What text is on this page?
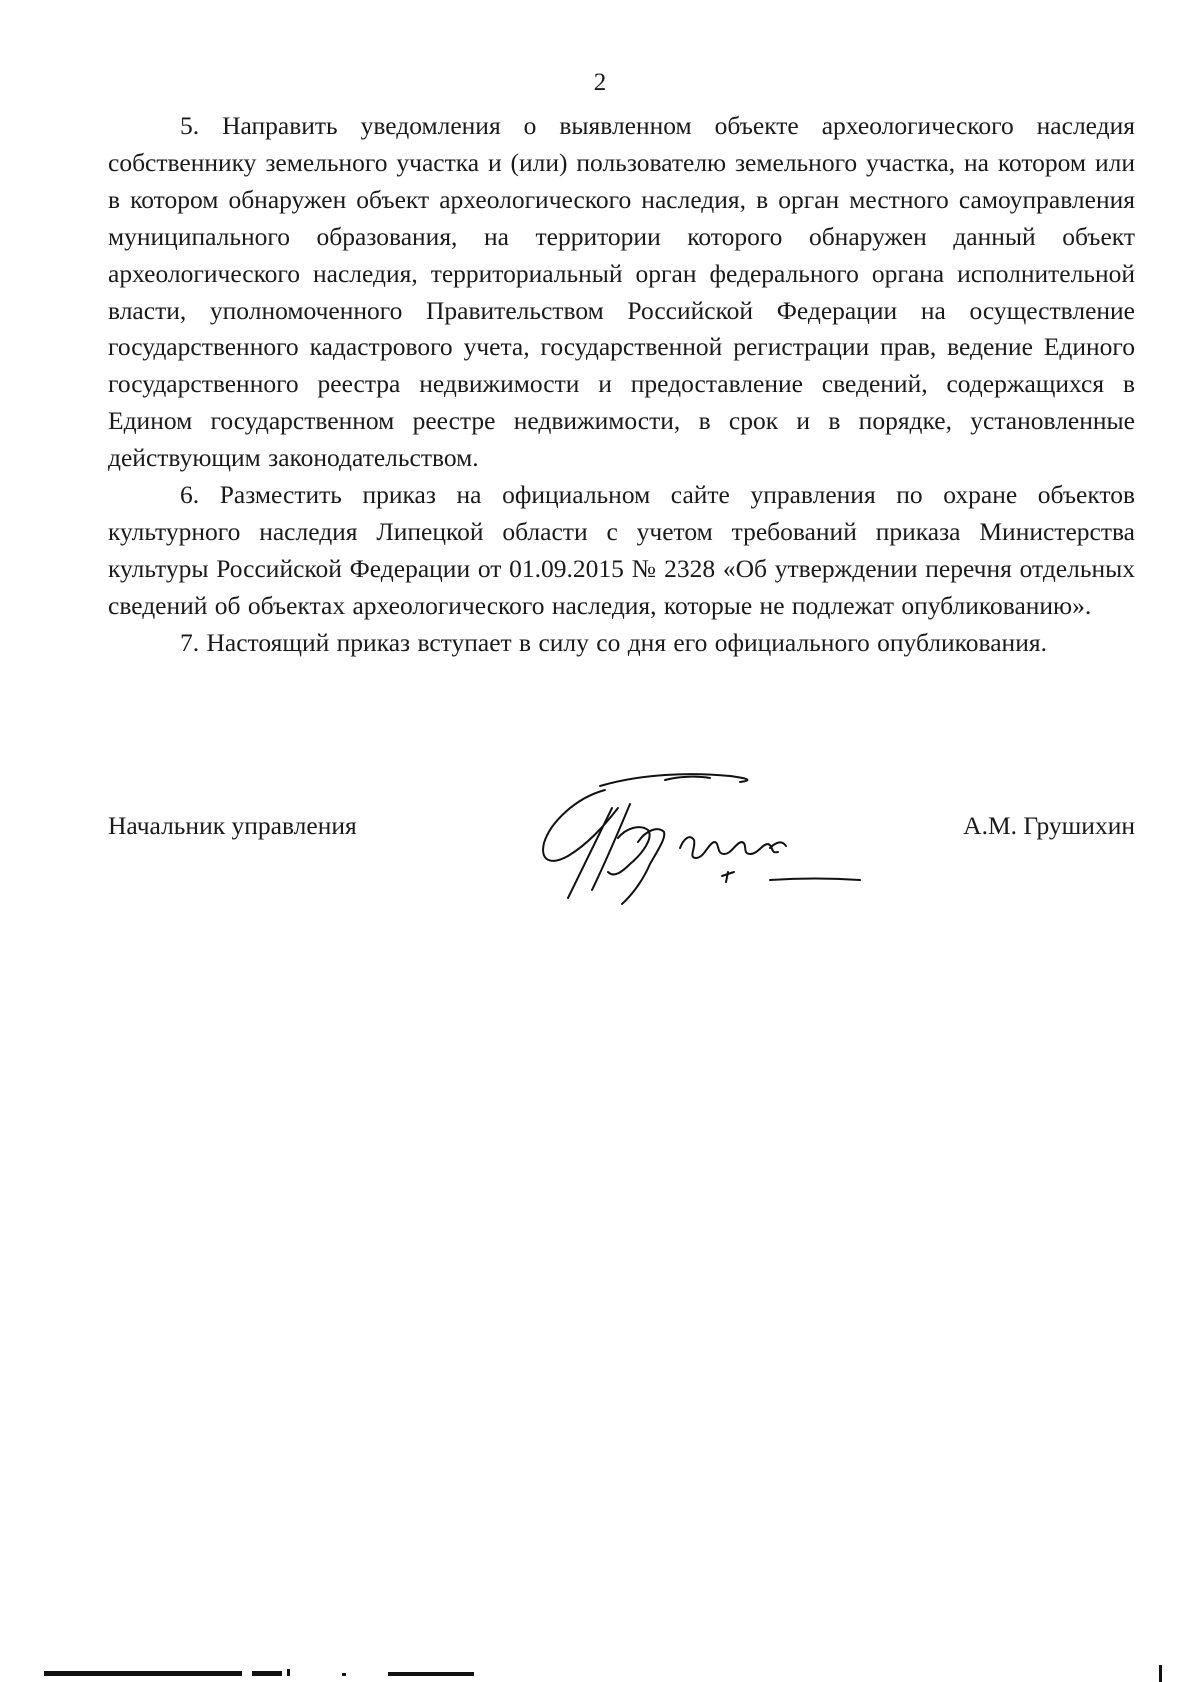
2

5. Направить уведомления о выявленном объекте археологического наследия собственнику земельного участка и (или) пользователю земельного участка, на котором или в котором обнаружен объект археологического наследия, в орган местного самоуправления муниципального образования, на территории которого обнаружен данный объект археологического наследия, территориальный орган федерального органа исполнительной власти, уполномоченного Правительством Российской Федерации на осуществление государственного кадастрового учета, государственной регистрации прав, ведение Единого государственного реестра недвижимости и предоставление сведений, содержащихся в Едином государственном реестре недвижимости, в срок и в порядке, установленные действующим законодательством.

6. Разместить приказ на официальном сайте управления по охране объектов культурного наследия Липецкой области с учетом требований приказа Министерства культуры Российской Федерации от 01.09.2015 № 2328 «Об утверждении перечня отдельных сведений об объектах археологического наследия, которые не подлежат опубликованию».

7. Настоящий приказ вступает в силу со дня его официального опубликования.

Начальник управления	А.М. Грушихин
